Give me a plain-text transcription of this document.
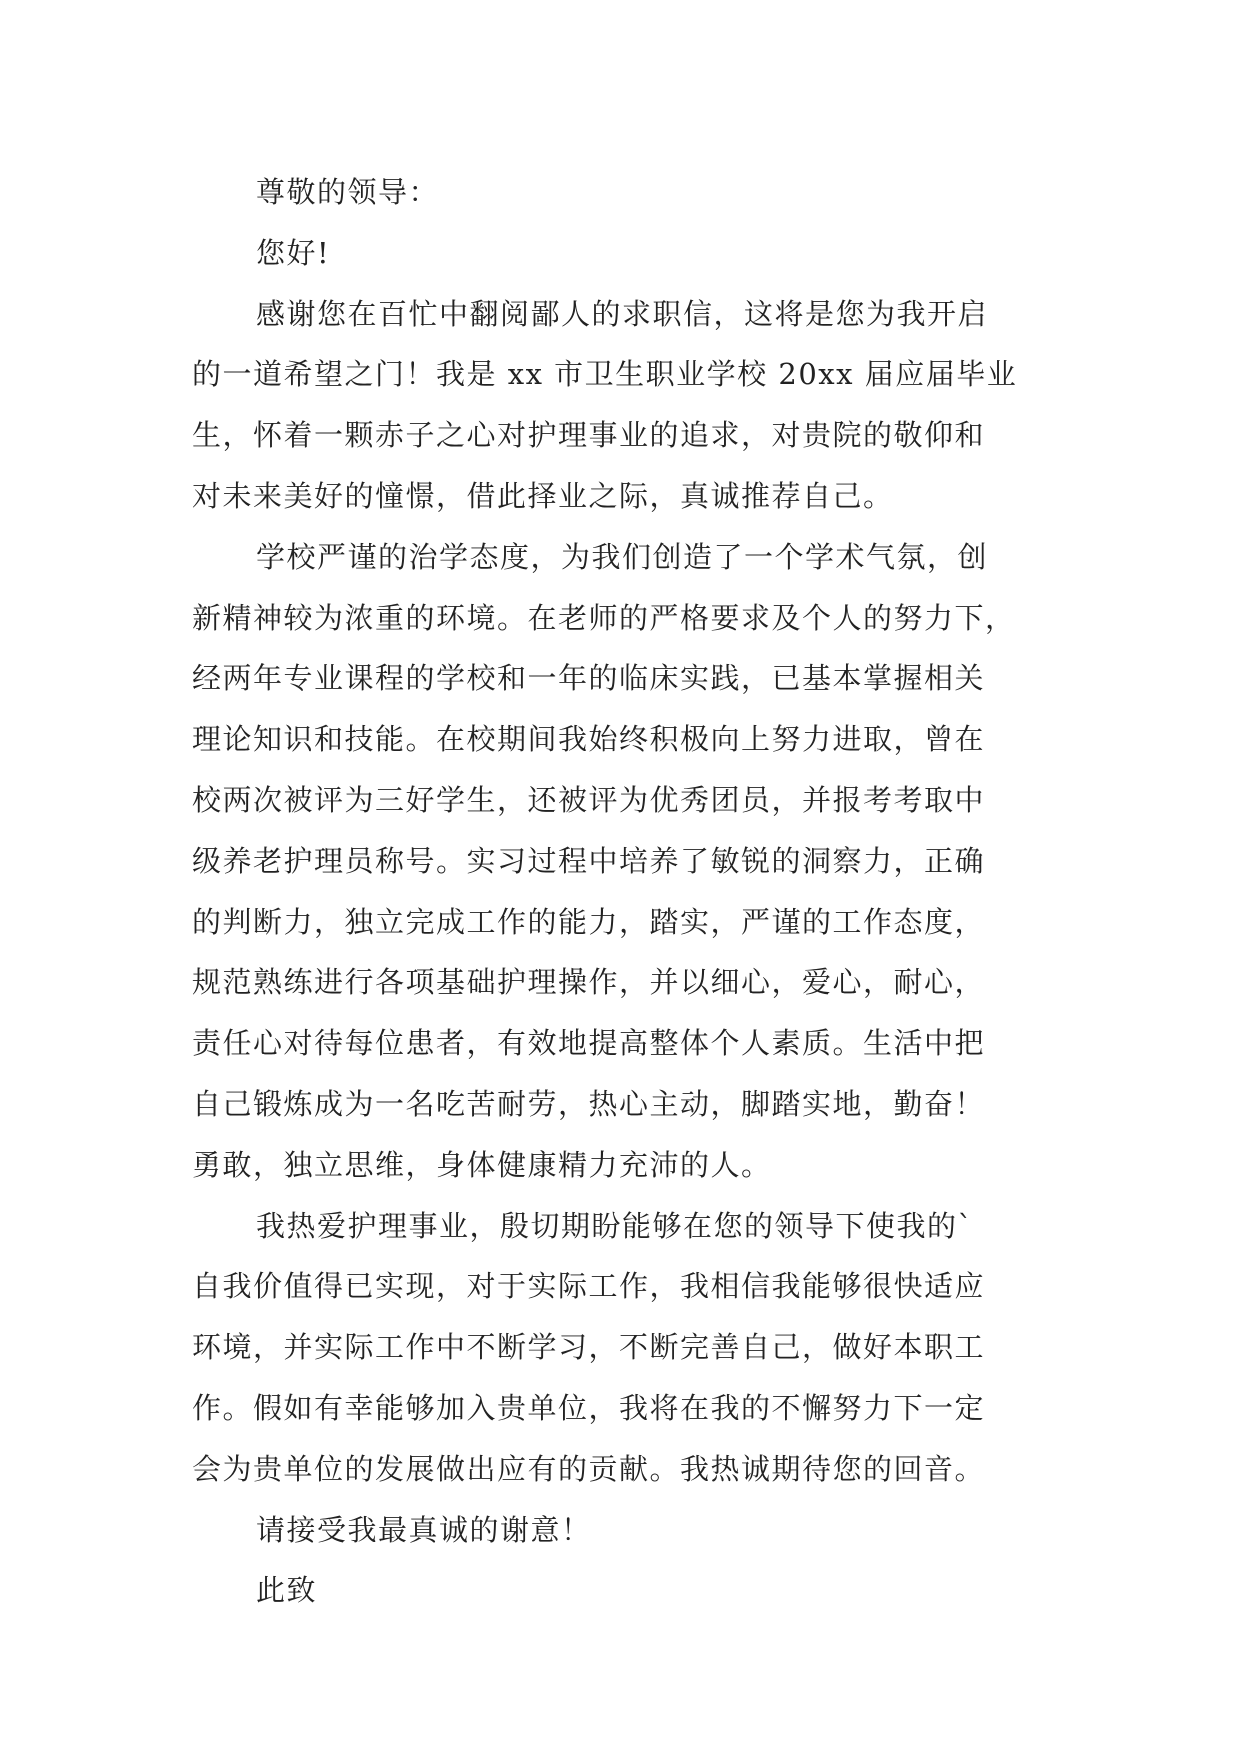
尊敬的领导：
您好!
感谢您在百忙中翻阅鄙人的求职信，这将是您为我开启
的一道希望之门！我是 xx 市卫生职业学校 20xx 届应届毕业
生，怀着一颗赤子之心对护理事业的追求，对贵院的敬仰和
对未来美好的憧憬，借此择业之际，真诚推荐自己。
学校严谨的治学态度，为我们创造了一个学术气氛，创
新精神较为浓重的环境。在老师的严格要求及个人的努力下，
经两年专业课程的学校和一年的临床实践，已基本掌握相关
理论知识和技能。在校期间我始终积极向上努力进取，曾在
校两次被评为三好学生，还被评为优秀团员，并报考考取中
级养老护理员称号。实习过程中培养了敏锐的洞察力，正确
的判断力，独立完成工作的能力，踏实，严谨的工作态度，
规范熟练进行各项基础护理操作，并以细心，爱心，耐心，
责任心对待每位患者，有效地提高整体个人素质。生活中把
自己锻炼成为一名吃苦耐劳，热心主动，脚踏实地，勤奋！
勇敢，独立思维，身体健康精力充沛的人。
我热爱护理事业，殷切期盼能够在您的领导下使我的`
自我价值得已实现，对于实际工作，我相信我能够很快适应
环境，并实际工作中不断学习，不断完善自己，做好本职工
作。假如有幸能够加入贵单位，我将在我的不懈努力下一定
会为贵单位的发展做出应有的贡献。我热诚期待您的回音。
请接受我最真诚的谢意！
此致
